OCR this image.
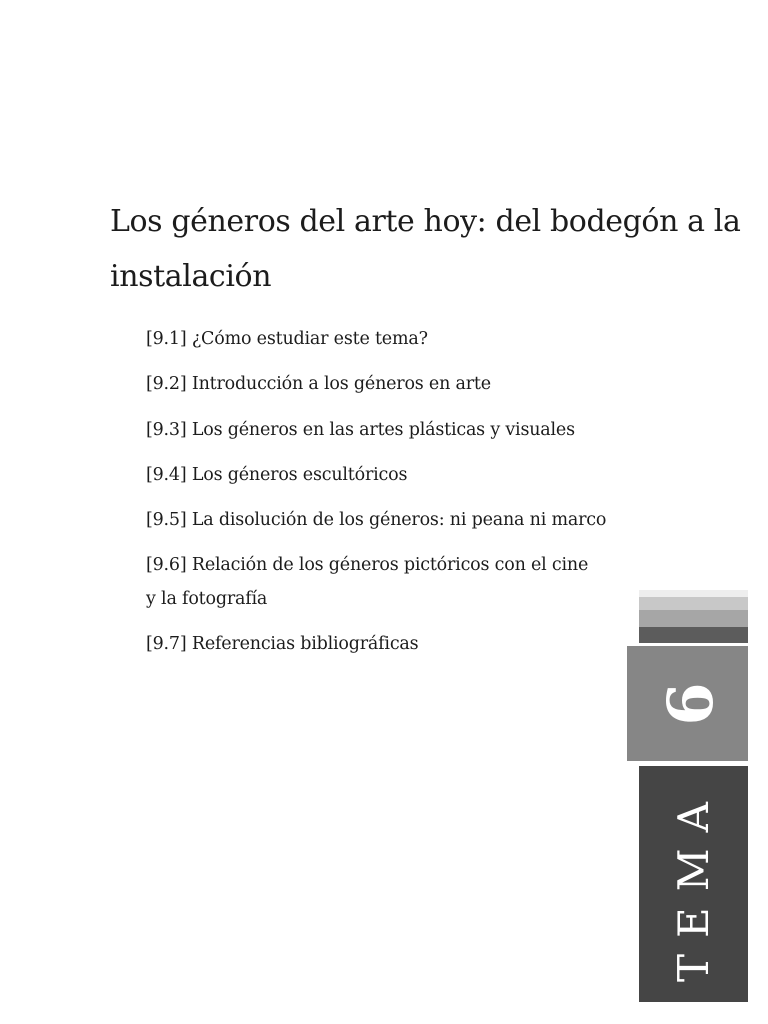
Los géneros del arte hoy: del bodegón a la instalación
[9.1] ¿Cómo estudiar este tema?
[9.2] Introducción a los géneros en arte
[9.3] Los géneros en las artes plásticas y visuales
[9.4] Los géneros escultóricos
[9.5] La disolución de los géneros: ni peana ni marco
[9.6] Relación de los géneros pictóricos con el cine
y la fotografía
[9.7] Referencias bibliográficas
9
TEMA
